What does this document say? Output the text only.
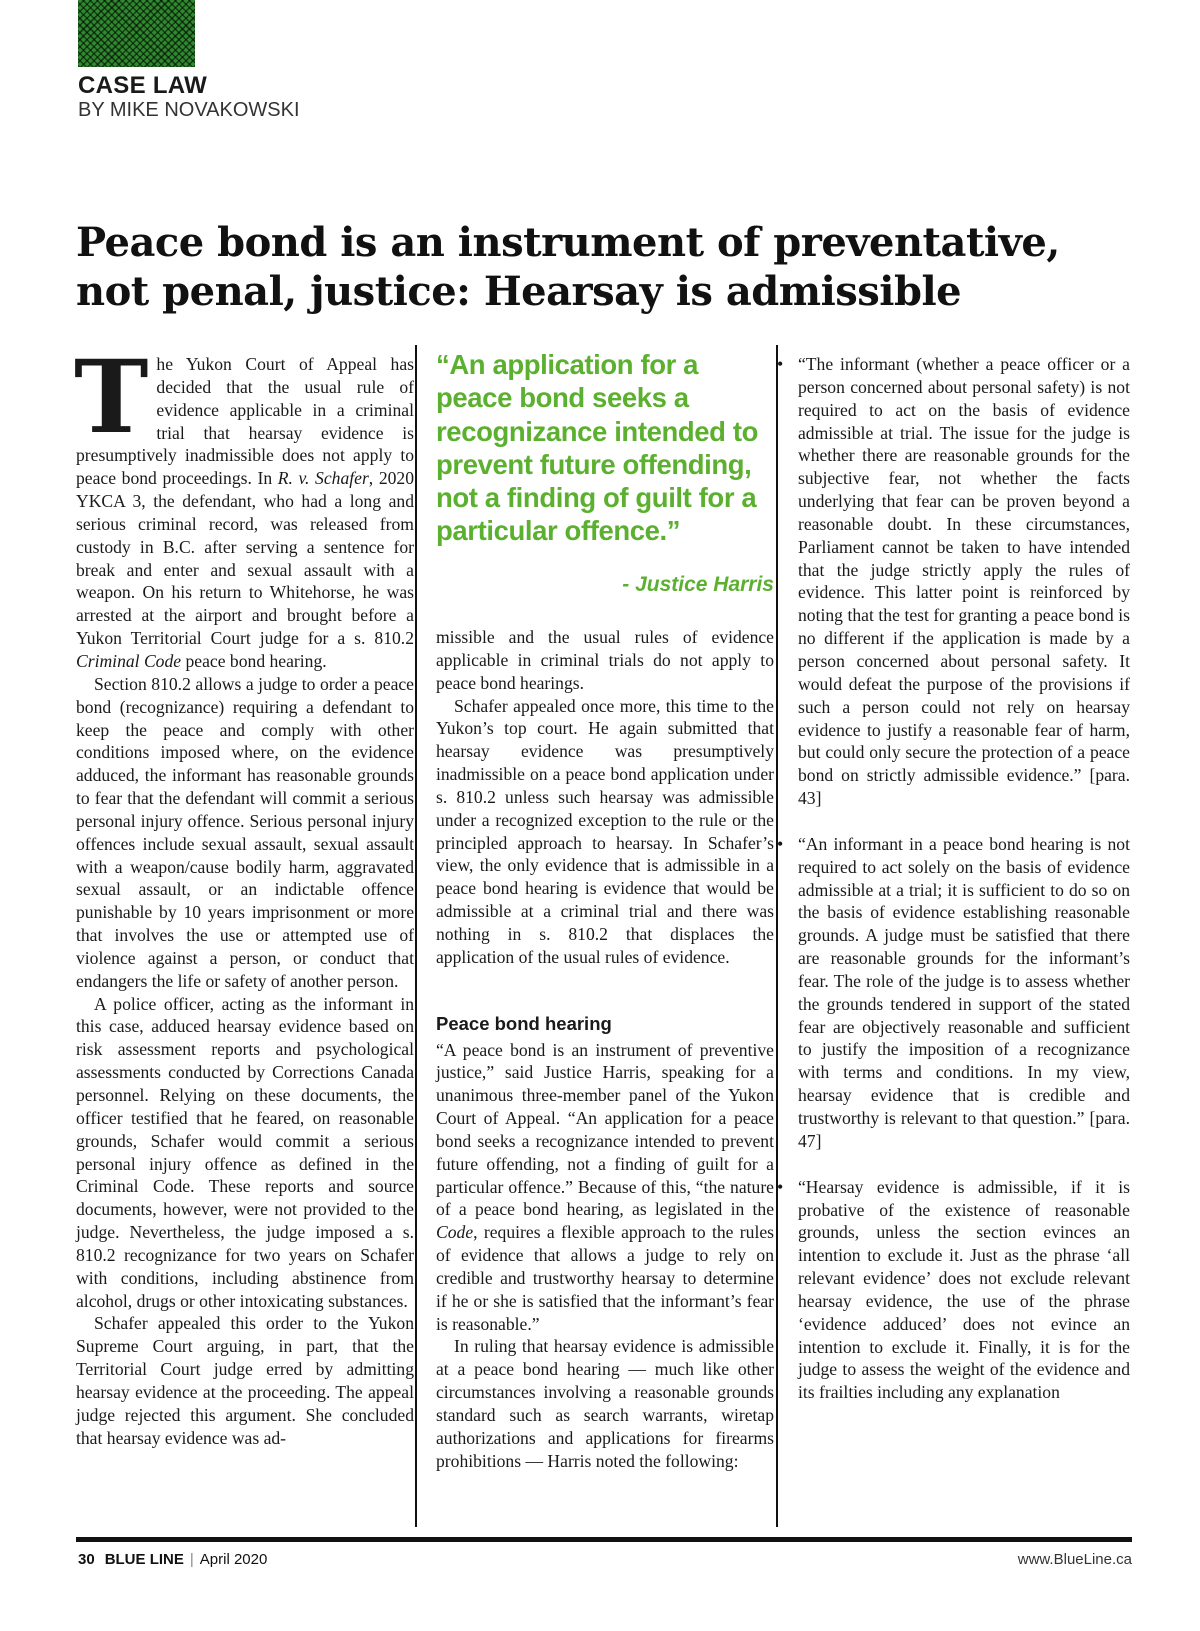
CASE LAW
BY MIKE NOVAKOWSKI
Peace bond is an instrument of preventative,
not penal, justice: Hearsay is admissible

The Yukon Court of Appeal has decided that the usual rule of evidence applicable in a criminal trial that hearsay evidence is presumptively inadmissible does not apply to peace bond proceedings. In R. v. Schafer, 2020 YKCA 3, the defendant, who had a long and serious criminal record, was released from custody in B.C. after serving a sentence for break and enter and sexual assault with a weapon. On his return to Whitehorse, he was arrested at the airport and brought before a Yukon Territorial Court judge for a s. 810.2 Criminal Code peace bond hearing.

Section 810.2 allows a judge to order a peace bond (recognizance) requiring a defendant to keep the peace and comply with other conditions imposed where, on the evidence adduced, the informant has reasonable grounds to fear that the defendant will commit a serious personal injury offence. Serious personal injury offences include sexual assault, sexual assault with a weapon/cause bodily harm, aggravated sexual assault, or an indictable offence punishable by 10 years imprisonment or more that involves the use or attempted use of violence against a person, or conduct that endangers the life or safety of another person.

A police officer, acting as the informant in this case, adduced hearsay evidence based on risk assessment reports and psychological assessments conducted by Corrections Canada personnel. Relying on these documents, the officer testified that he feared, on reasonable grounds, Schafer would commit a serious personal injury offence as defined in the Criminal Code. These reports and source documents, however, were not provided to the judge. Nevertheless, the judge imposed a s. 810.2 recognizance for two years on Schafer with conditions, including abstinence from alcohol, drugs or other intoxicating substances.

Schafer appealed this order to the Yukon Supreme Court arguing, in part, that the Territorial Court judge erred by admitting hearsay evidence at the proceeding. The appeal judge rejected this argument. She concluded that hearsay evidence was ad-

“An application for a peace bond seeks a recognizance intended to prevent future offending, not a finding of guilt for a particular offence.”
- Justice Harris

missible and the usual rules of evidence applicable in criminal trials do not apply to peace bond hearings.

Schafer appealed once more, this time to the Yukon’s top court. He again submitted that hearsay evidence was presumptively inadmissible on a peace bond application under s. 810.2 unless such hearsay was admissible under a recognized exception to the rule or the principled approach to hearsay. In Schafer’s view, the only evidence that is admissible in a peace bond hearing is evidence that would be admissible at a criminal trial and there was nothing in s. 810.2 that displaces the application of the usual rules of evidence.

Peace bond hearing

“A peace bond is an instrument of preventive justice,” said Justice Harris, speaking for a unanimous three-member panel of the Yukon Court of Appeal. “An application for a peace bond seeks a recognizance intended to prevent future offending, not a finding of guilt for a particular offence.” Because of this, “the nature of a peace bond hearing, as legislated in the Code, requires a flexible approach to the rules of evidence that allows a judge to rely on credible and trustworthy hearsay to determine if he or she is satisfied that the informant’s fear is reasonable.”

In ruling that hearsay evidence is admissible at a peace bond hearing — much like other circumstances involving a reasonable grounds standard such as search warrants, wiretap authorizations and applications for firearms prohibitions — Harris noted the following:

• “The informant (whether a peace officer or a person concerned about personal safety) is not required to act on the basis of evidence admissible at trial. The issue for the judge is whether there are reasonable grounds for the subjective fear, not whether the facts underlying that fear can be proven beyond a reasonable doubt. In these circumstances, Parliament cannot be taken to have intended that the judge strictly apply the rules of evidence. This latter point is reinforced by noting that the test for granting a peace bond is no different if the application is made by a person concerned about personal safety. It would defeat the purpose of the provisions if such a person could not rely on hearsay evidence to justify a reasonable fear of harm, but could only secure the protection of a peace bond on strictly admissible evidence.” [para. 43]

• “An informant in a peace bond hearing is not required to act solely on the basis of evidence admissible at a trial; it is sufficient to do so on the basis of evidence establishing reasonable grounds. A judge must be satisfied that there are reasonable grounds for the informant’s fear. The role of the judge is to assess whether the grounds tendered in support of the stated fear are objectively reasonable and sufficient to justify the imposition of a recognizance with terms and conditions. In my view, hearsay evidence that is credible and trustworthy is relevant to that question.” [para. 47]

• “Hearsay evidence is admissible, if it is probative of the existence of reasonable grounds, unless the section evinces an intention to exclude it. Just as the phrase ‘all relevant evidence’ does not exclude relevant hearsay evidence, the use of the phrase ‘evidence adduced’ does not evince an intention to exclude it. Finally, it is for the judge to assess the weight of the evidence and its frailties including any explanation

30 BLUE LINE | April 2020	www.BlueLine.ca
